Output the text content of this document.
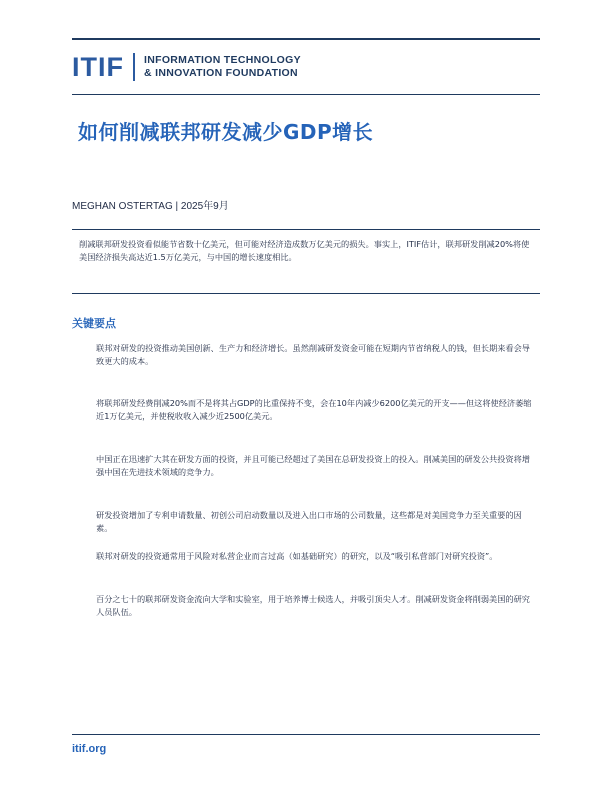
ITIF INFORMATION TECHNOLOGY
& INNOVATION FOUNDATION
如何削减联邦研发减少GDP增长
MEGHAN OSTERTAG | 2025年9月
削减联邦研发投资看似能节省数十亿美元，但可能对经济造成数万亿美元的损失。事实上，ITIF估计，联邦研发削减20%将使美国经济损失高达近1.5万亿美元，与中国的增长速度相比。
关键要点
联邦对研发的投资推动美国创新、生产力和经济增长。虽然削减研发资金可能在短期内节省纳税人的钱，但长期来看会导致更大的成本。
将联邦研发经费削减20%而不是将其占GDP的比重保持不变，会在10年内减少6200亿美元的开支——但这将使经济萎缩近1万亿美元，并使税收收入减少近2500亿美元。
中国正在迅速扩大其在研发方面的投资，并且可能已经超过了美国在总研发投资上的投入。削减美国的研发公共投资将增强中国在先进技术领域的竞争力。
研发投资增加了专利申请数量、初创公司启动数量以及进入出口市场的公司数量，这些都是对美国竞争力至关重要的因素。
联邦对研发的投资通常用于风险对私营企业而言过高（如基础研究）的研究，以及“吸引私营部门对研究投资”。
百分之七十的联邦研发资金流向大学和实验室，用于培养博士候选人，并吸引顶尖人才。削减研发资金将削弱美国的研究人员队伍。
itif.org
